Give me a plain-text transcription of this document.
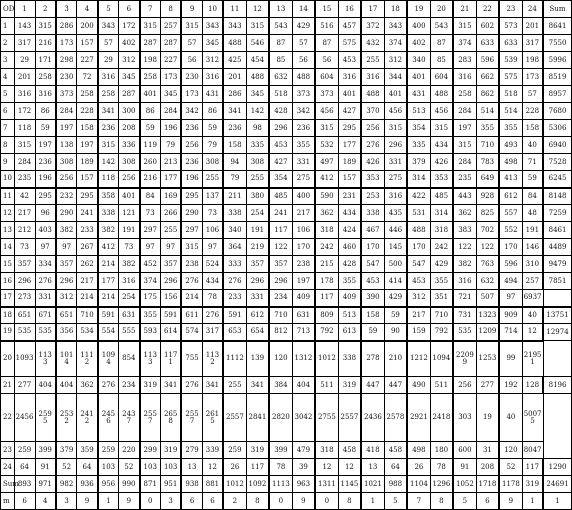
OD	1	2	3	4	5	6	7	8	9	10	11	12	13	14	15	16	17	18	19	20	21	22	23	24	Sum
1	143	315	286	200	343	172	315	257	315	343	343	315	543	429	516	457	372	343	400	543	315	602	573	201	8641
2	317	216	173	157	57	402	287	287	57	345	488	546	87	57	87	575	432	374	402	87	374	633	633	317	7550
3	29	171	298	227	29	312	198	227	56	312	425	454	85	56	56	453	255	312	340	85	283	596	539	198	5996
4	201	258	230	72	316	345	258	173	230	316	201	488	632	488	604	316	316	344	401	604	316	662	575	173	8519
5	316	316	373	258	258	287	401	345	173	431	286	345	518	373	373	401	488	401	431	488	258	862	518	57	8957
6	172	86	284	228	341	300	86	284	342	86	341	142	428	342	456	427	370	456	513	456	284	514	514	228	7680
7	118	59	197	158	236	208	59	196	236	59	236	98	296	236	315	295	256	315	354	315	197	355	355	158	5306
8	315	197	138	197	315	336	119	79	256	79	158	335	453	355	532	177	276	296	335	434	315	710	493	40	6940
9	284	236	308	189	142	308	260	213	236	308	94	308	427	331	497	189	426	331	379	426	284	783	498	71	7528
10	235	196	256	157	118	256	216	177	196	255	79	255	354	275	412	157	353	275	314	353	235	649	413	59	6245
11	42	295	232	295	358	401	84	169	295	137	211	380	485	400	590	231	253	316	422	485	443	928	612	84	8148
12	217	96	290	241	338	121	73	266	290	73	338	254	241	217	362	434	338	435	531	314	362	825	557	48	7259
13	212	403	382	233	382	191	297	255	297	106	340	191	117	106	318	424	467	446	488	318	383	702	552	191	8461
14	73	97	97	267	412	73	97	97	315	97	364	219	122	170	242	460	170	145	170	242	122	122	170	146	4489
15	357	334	357	262	214	382	452	357	238	524	333	357	357	238	215	428	547	500	547	429	382	763	596	310	9479
16	296	276	296	217	177	316	374	296	276	434	276	296	296	197	178	355	453	414	453	355	316	632	494	257	7851
17	273	331	312	214	214	254	175	156	214	78	233	331	234	409	117	409	390	429	312	351	721	507	97	6937	
18	651	671	651	710	591	631	355	591	611	276	591	612	710	631	809	513	158	59	217	710	731	1323	909	40	13751
19	535	535	356	534	554	555	593	614	574	317	653	654	812	713	792	613	59	90	159	792	535	1209	714	12	12974
20	1093	1133	1014	1112	1094	854	1133	1171	755	1132	1112	139	120	1312	1012	338	278	210	1212	1094	22099	1253	99	21951	
21	277	404	404	362	276	234	319	341	276	341	255	341	384	404	511	319	447	447	490	511	256	277	192	128	8196
22	2456	2595	2532	2412	2456	2437	2557	2658	2557	2615	2557	2841	2820	3042	2755	2557	2436	2578	2921	2418	303	19	40	50075	
23	259	399	379	359	259	220	299	319	279	339	259	319	399	479	318	458	418	458	498	180	600	31	120	8047	
24	64	91	52	64	103	52	103	103	13	12	26	117	78	39	12	12	13	64	26	78	91	208	52	117	1290
Sum	893	971	982	936	956	990	871	951	938	881	1012	1092	1113	963	1311	1145	1021	988	1104	1296	1052	1718	1178	319	24691
m	6	4	3	9	1	9	0	3	6	6	2	8	0	9	0	8	1	5	7	8	5	6	9	1	1
